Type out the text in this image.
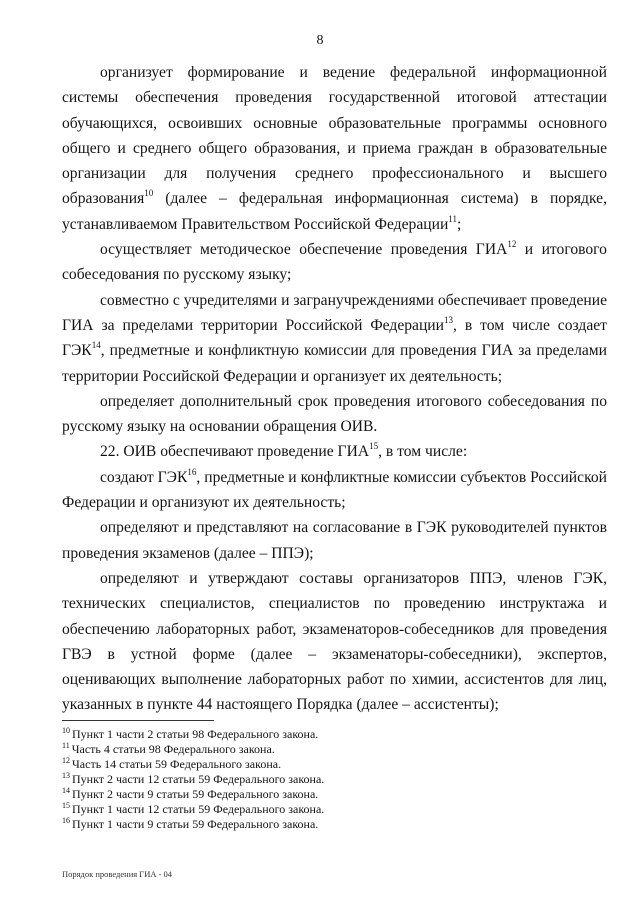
8

организует формирование и ведение федеральной информационной системы обеспечения проведения государственной итоговой аттестации обучающихся, освоивших основные образовательные программы основного общего и среднего общего образования, и приема граждан в образовательные организации для получения среднего профессионального и высшего образования$^{10}$ (далее – федеральная информационная система) в порядке, устанавливаемом Правительством Российской Федерации$^{11}$;

осуществляет методическое обеспечение проведения ГИА$^{12}$ и итогового собеседования по русскому языку;

совместно с учредителями и загранучреждениями обеспечивает проведение ГИА за пределами территории Российской Федерации$^{13}$, в том числе создает ГЭК$^{14}$, предметные и конфликтную комиссии для проведения ГИА за пределами территории Российской Федерации и организует их деятельность;

определяет дополнительный срок проведения итогового собеседования по русскому языку на основании обращения ОИВ.

22. ОИВ обеспечивают проведение ГИА$^{15}$, в том числе:

создают ГЭК$^{16}$, предметные и конфликтные комиссии субъектов Российской Федерации и организуют их деятельность;

определяют и представляют на согласование в ГЭК руководителей пунктов проведения экзаменов (далее – ППЭ);

определяют и утверждают составы организаторов ППЭ, членов ГЭК, технических специалистов, специалистов по проведению инструктажа и обеспечению лабораторных работ, экзаменаторов-собеседников для проведения ГВЭ в устной форме (далее – экзаменаторы-собеседники), экспертов, оценивающих выполнение лабораторных работ по химии, ассистентов для лиц, указанных в пункте 44 настоящего Порядка (далее – ассистенты);

$^{10}$ Пункт 1 части 2 статьи 98 Федерального закона.
$^{11}$ Часть 4 статьи 98 Федерального закона.
$^{12}$ Часть 14 статьи 59 Федерального закона.
$^{13}$ Пункт 2 части 12 статьи 59 Федерального закона.
$^{14}$ Пункт 2 части 9 статьи 59 Федерального закона.
$^{15}$ Пункт 1 части 12 статьи 59 Федерального закона.
$^{16}$ Пункт 1 части 9 статьи 59 Федерального закона.
Порядок проведения ГИА - 04
